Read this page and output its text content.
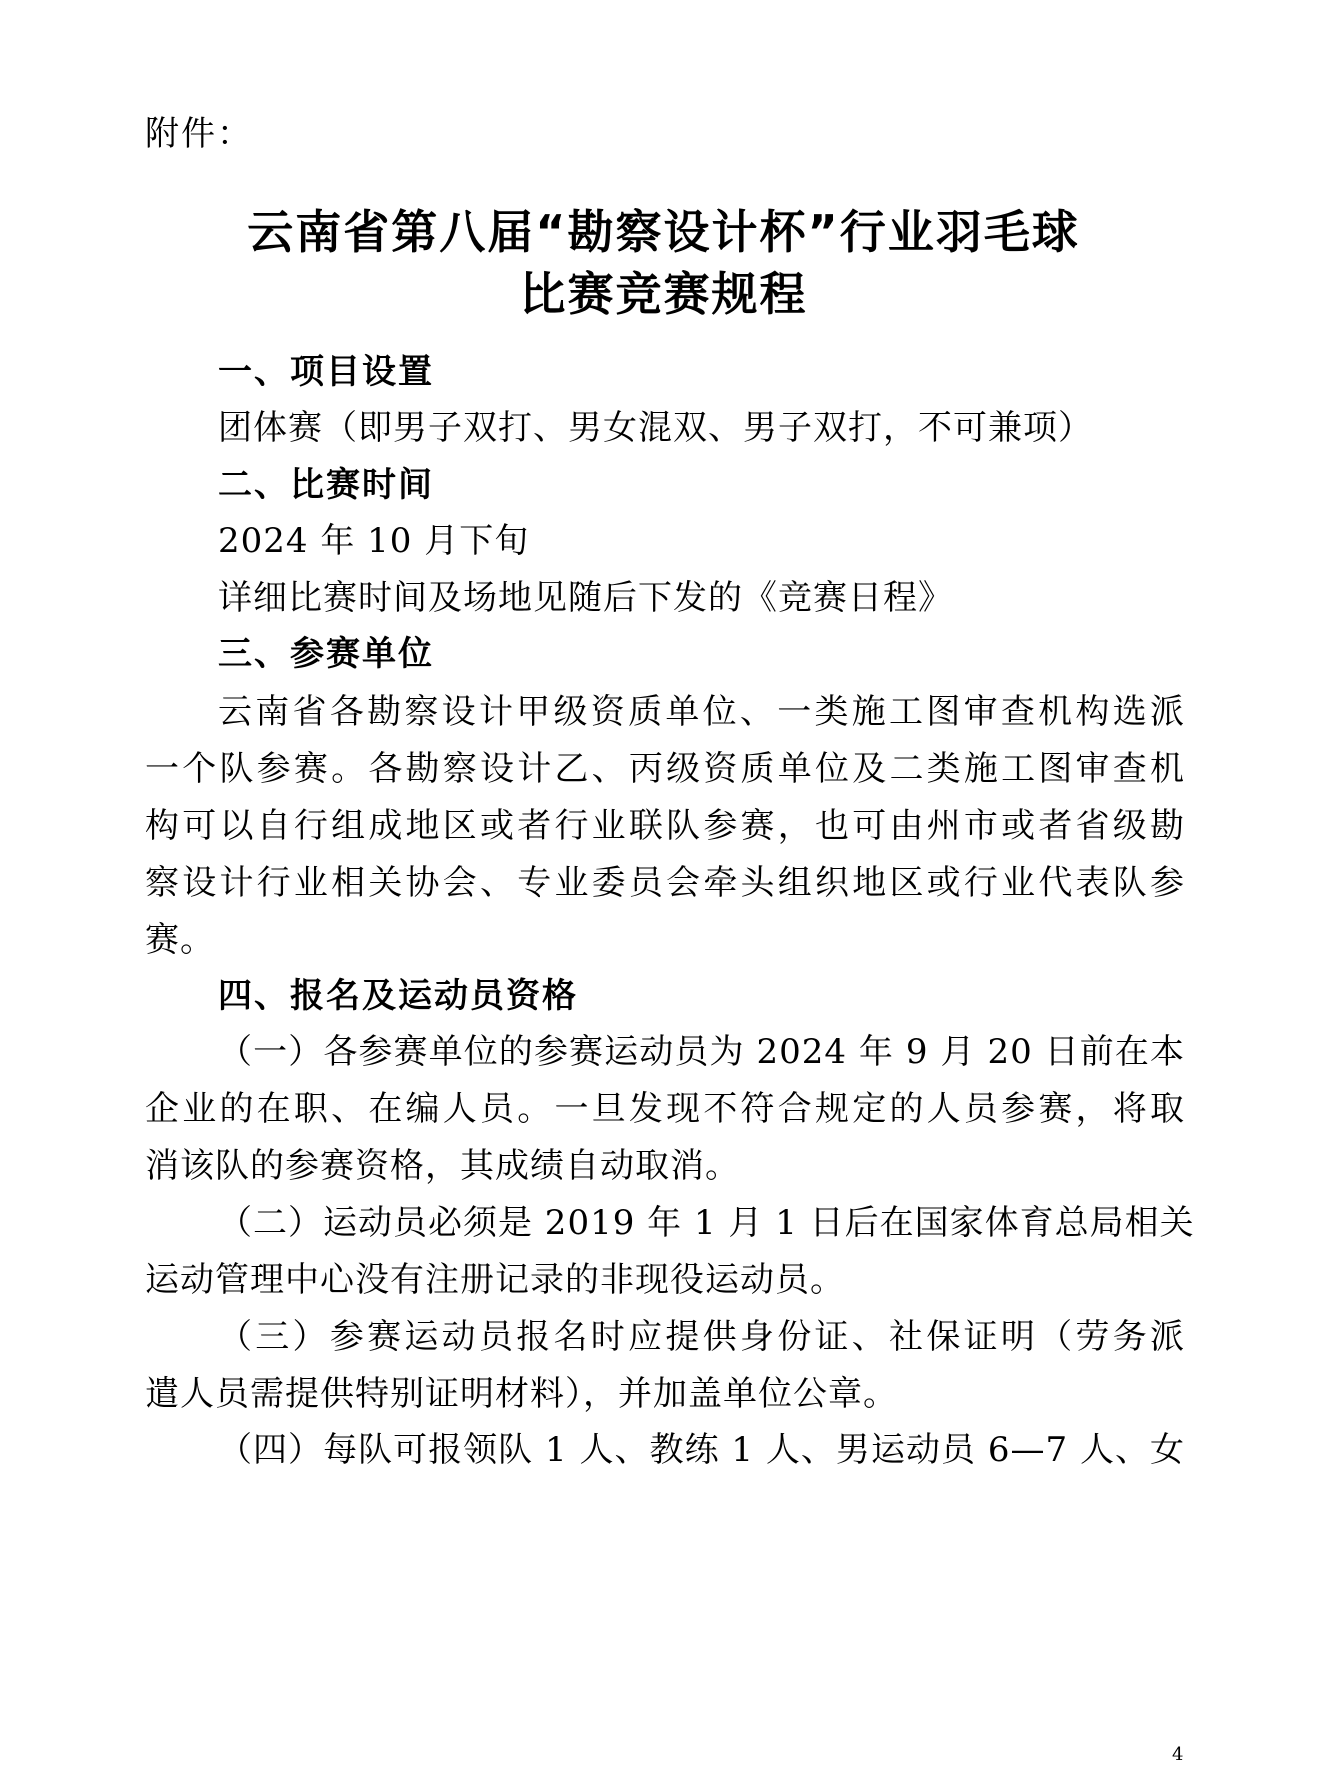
附件：
云南省第八届“勘察设计杯”行业羽毛球
比赛竞赛规程
一、项目设置
团体赛（即男子双打、男女混双、男子双打，不可兼项）
二、比赛时间
2024 年 10 月下旬
详细比赛时间及场地见随后下发的《竞赛日程》
三、参赛单位
云南省各勘察设计甲级资质单位、一类施工图审查机构选派
一个队参赛。各勘察设计乙、丙级资质单位及二类施工图审查机
构可以自行组成地区或者行业联队参赛，也可由州市或者省级勘
察设计行业相关协会、专业委员会牵头组织地区或行业代表队参
赛。
四、报名及运动员资格
（一）各参赛单位的参赛运动员为 2024 年 9 月 20 日前在本
企业的在职、在编人员。一旦发现不符合规定的人员参赛，将取
消该队的参赛资格，其成绩自动取消。
（二）运动员必须是 2019 年 1 月 1 日后在国家体育总局相关
运动管理中心没有注册记录的非现役运动员。
（三）参赛运动员报名时应提供身份证、社保证明（劳务派
遣人员需提供特别证明材料），并加盖单位公章。
（四）每队可报领队 1 人、教练 1 人、男运动员 6—7 人、女
4
